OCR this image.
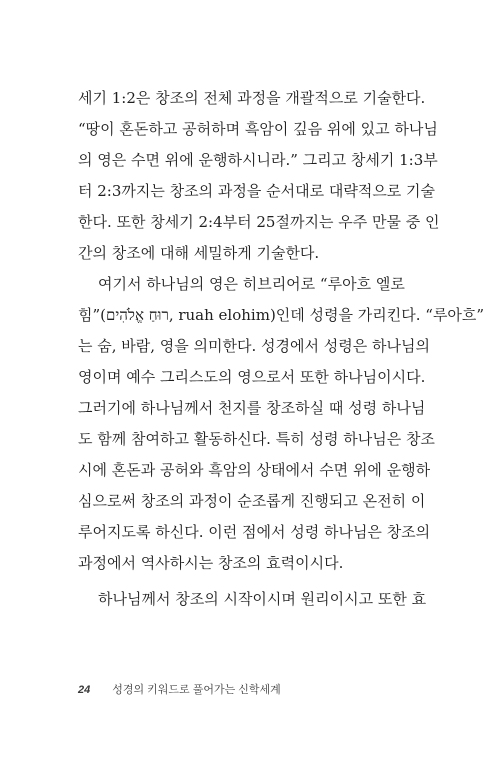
세기 1:2은 창조의 전체 과정을 개괄적으로 기술한다.
“땅이 혼돈하고 공허하며 흑암이 깊음 위에 있고 하나님
의 영은 수면 위에 운행하시니라.” 그리고 창세기 1:3부
터 2:3까지는 창조의 과정을 순서대로 대략적으로 기술
한다. 또한 창세기 2:4부터 25절까지는 우주 만물 중 인
간의 창조에 대해 세밀하게 기술한다.
여기서 하나님의 영은 히브리어로 “루아흐 엘로
힘”(רוּחַ אֱלֹהִים, ruah elohim)인데 성령을 가리킨다. “루아흐”
는 숨, 바람, 영을 의미한다. 성경에서 성령은 하나님의
영이며 예수 그리스도의 영으로서 또한 하나님이시다.
그러기에 하나님께서 천지를 창조하실 때 성령 하나님
도 함께 참여하고 활동하신다. 특히 성령 하나님은 창조
시에 혼돈과 공허와 흑암의 상태에서 수면 위에 운행하
심으로써 창조의 과정이 순조롭게 진행되고 온전히 이
루어지도록 하신다. 이런 점에서 성령 하나님은 창조의
과정에서 역사하시는 창조의 효력이시다.
하나님께서 창조의 시작이시며 원리이시고 또한 효
24 성경의 키워드로 풀어가는 신학세계
